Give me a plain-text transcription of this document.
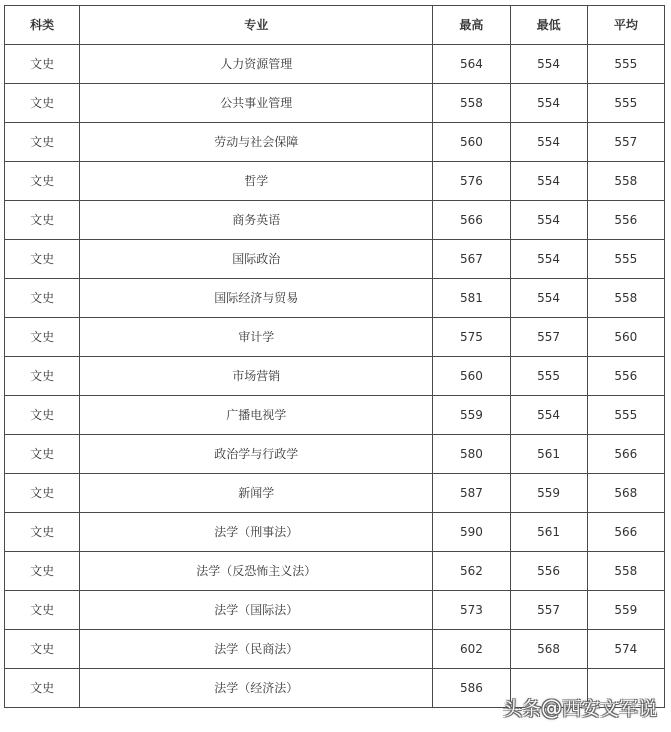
科类	专业	最高	最低	平均
文史	人力资源管理	564	554	555
文史	公共事业管理	558	554	555
文史	劳动与社会保障	560	554	557
文史	哲学	576	554	558
文史	商务英语	566	554	556
文史	国际政治	567	554	555
文史	国际经济与贸易	581	554	558
文史	审计学	575	557	560
文史	市场营销	560	555	556
文史	广播电视学	559	554	555
文史	政治学与行政学	580	561	566
文史	新闻学	587	559	568
文史	法学（刑事法）	590	561	566
文史	法学（反恐怖主义法）	562	556	558
文史	法学（国际法）	573	557	559
文史	法学（民商法）	602	568	574
文史	法学（经济法）	586		
头条@西安文军说
